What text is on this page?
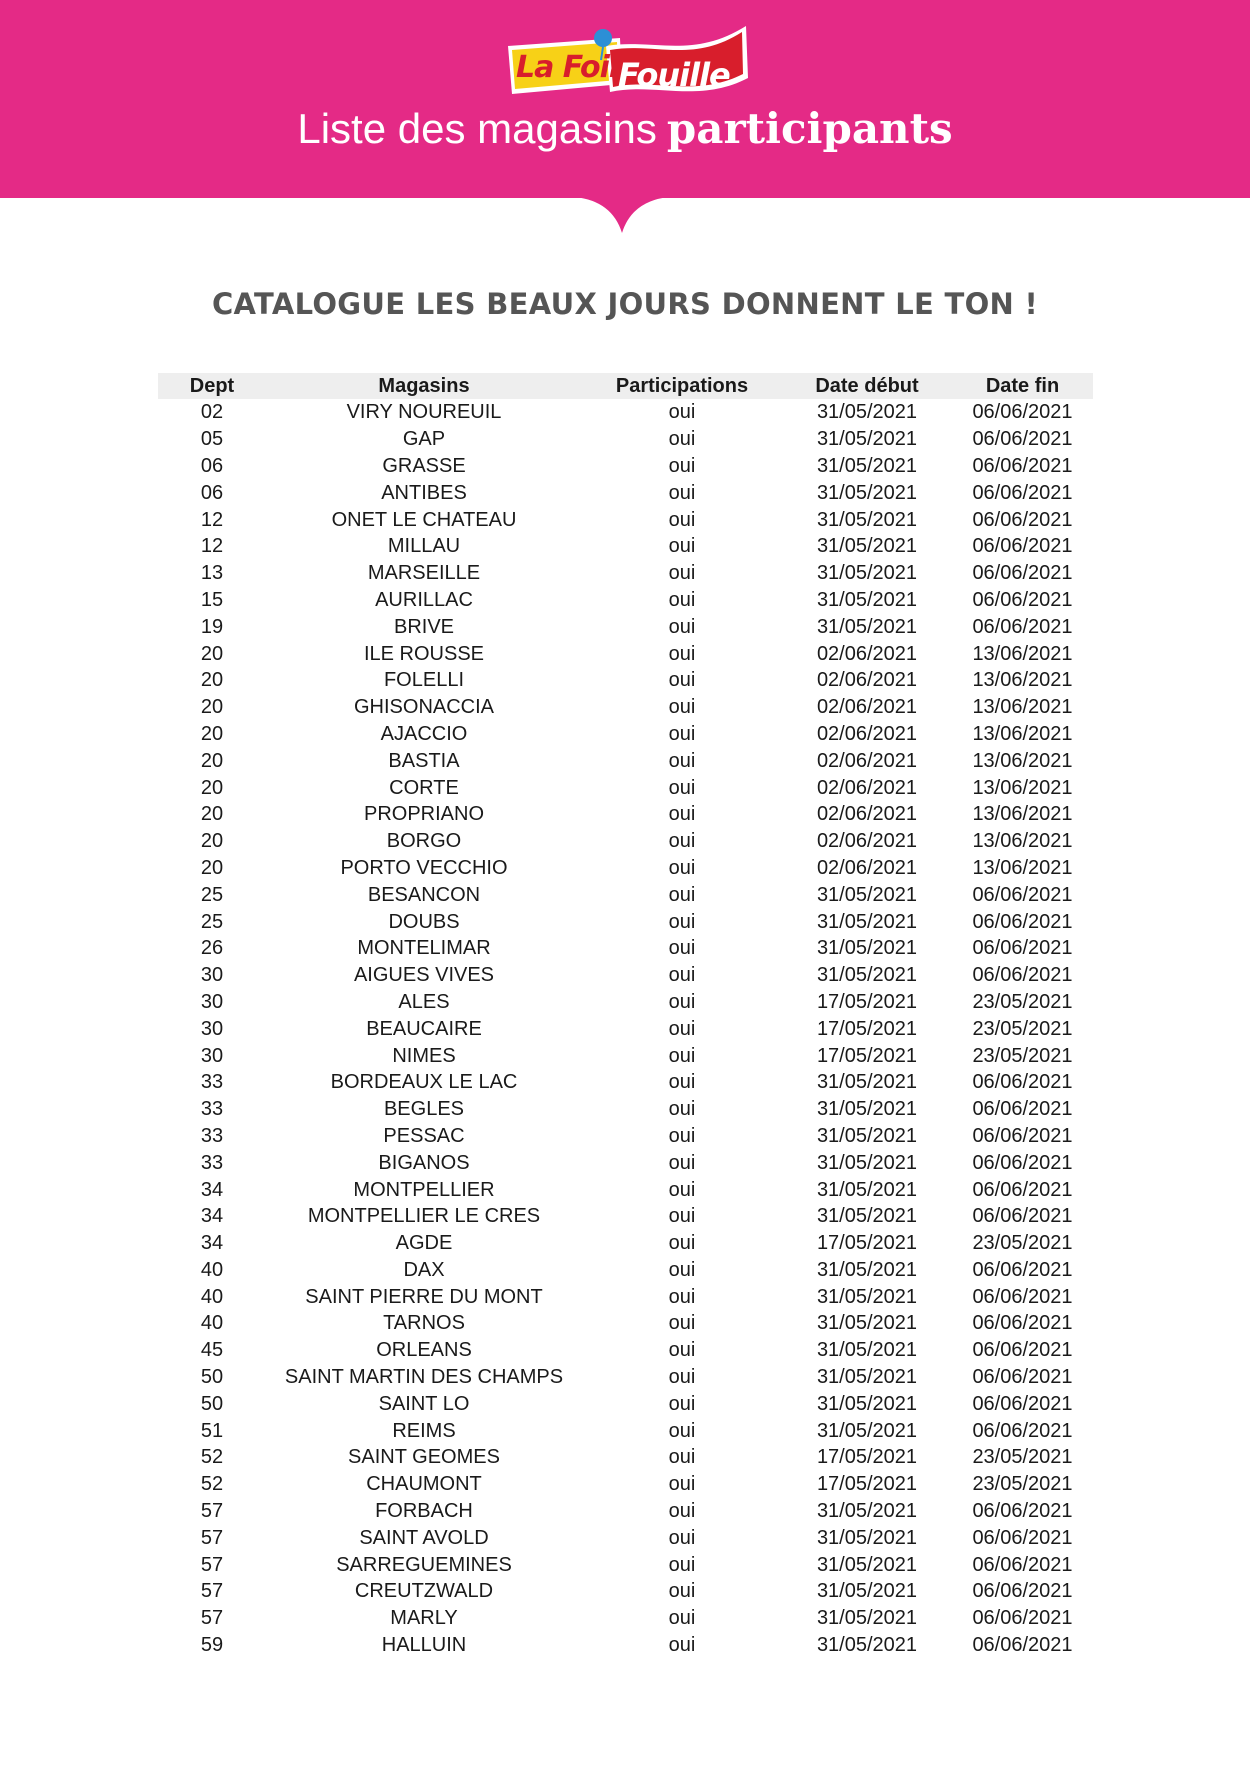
La Foir
Fouille
Liste des magasins participants
CATALOGUE LES BEAUX JOURS DONNENT LE TON !
Dept	Magasins	Participations	Date début	Date fin
02	VIRY NOUREUIL	oui	31/05/2021	06/06/2021
05	GAP	oui	31/05/2021	06/06/2021
06	GRASSE	oui	31/05/2021	06/06/2021
06	ANTIBES	oui	31/05/2021	06/06/2021
12	ONET LE CHATEAU	oui	31/05/2021	06/06/2021
12	MILLAU	oui	31/05/2021	06/06/2021
13	MARSEILLE	oui	31/05/2021	06/06/2021
15	AURILLAC	oui	31/05/2021	06/06/2021
19	BRIVE	oui	31/05/2021	06/06/2021
20	ILE ROUSSE	oui	02/06/2021	13/06/2021
20	FOLELLI	oui	02/06/2021	13/06/2021
20	GHISONACCIA	oui	02/06/2021	13/06/2021
20	AJACCIO	oui	02/06/2021	13/06/2021
20	BASTIA	oui	02/06/2021	13/06/2021
20	CORTE	oui	02/06/2021	13/06/2021
20	PROPRIANO	oui	02/06/2021	13/06/2021
20	BORGO	oui	02/06/2021	13/06/2021
20	PORTO VECCHIO	oui	02/06/2021	13/06/2021
25	BESANCON	oui	31/05/2021	06/06/2021
25	DOUBS	oui	31/05/2021	06/06/2021
26	MONTELIMAR	oui	31/05/2021	06/06/2021
30	AIGUES VIVES	oui	31/05/2021	06/06/2021
30	ALES	oui	17/05/2021	23/05/2021
30	BEAUCAIRE	oui	17/05/2021	23/05/2021
30	NIMES	oui	17/05/2021	23/05/2021
33	BORDEAUX LE LAC	oui	31/05/2021	06/06/2021
33	BEGLES	oui	31/05/2021	06/06/2021
33	PESSAC	oui	31/05/2021	06/06/2021
33	BIGANOS	oui	31/05/2021	06/06/2021
34	MONTPELLIER	oui	31/05/2021	06/06/2021
34	MONTPELLIER LE CRES	oui	31/05/2021	06/06/2021
34	AGDE	oui	17/05/2021	23/05/2021
40	DAX	oui	31/05/2021	06/06/2021
40	SAINT PIERRE DU MONT	oui	31/05/2021	06/06/2021
40	TARNOS	oui	31/05/2021	06/06/2021
45	ORLEANS	oui	31/05/2021	06/06/2021
50	SAINT MARTIN DES CHAMPS	oui	31/05/2021	06/06/2021
50	SAINT LO	oui	31/05/2021	06/06/2021
51	REIMS	oui	31/05/2021	06/06/2021
52	SAINT GEOMES	oui	17/05/2021	23/05/2021
52	CHAUMONT	oui	17/05/2021	23/05/2021
57	FORBACH	oui	31/05/2021	06/06/2021
57	SAINT AVOLD	oui	31/05/2021	06/06/2021
57	SARREGUEMINES	oui	31/05/2021	06/06/2021
57	CREUTZWALD	oui	31/05/2021	06/06/2021
57	MARLY	oui	31/05/2021	06/06/2021
59	HALLUIN	oui	31/05/2021	06/06/2021
